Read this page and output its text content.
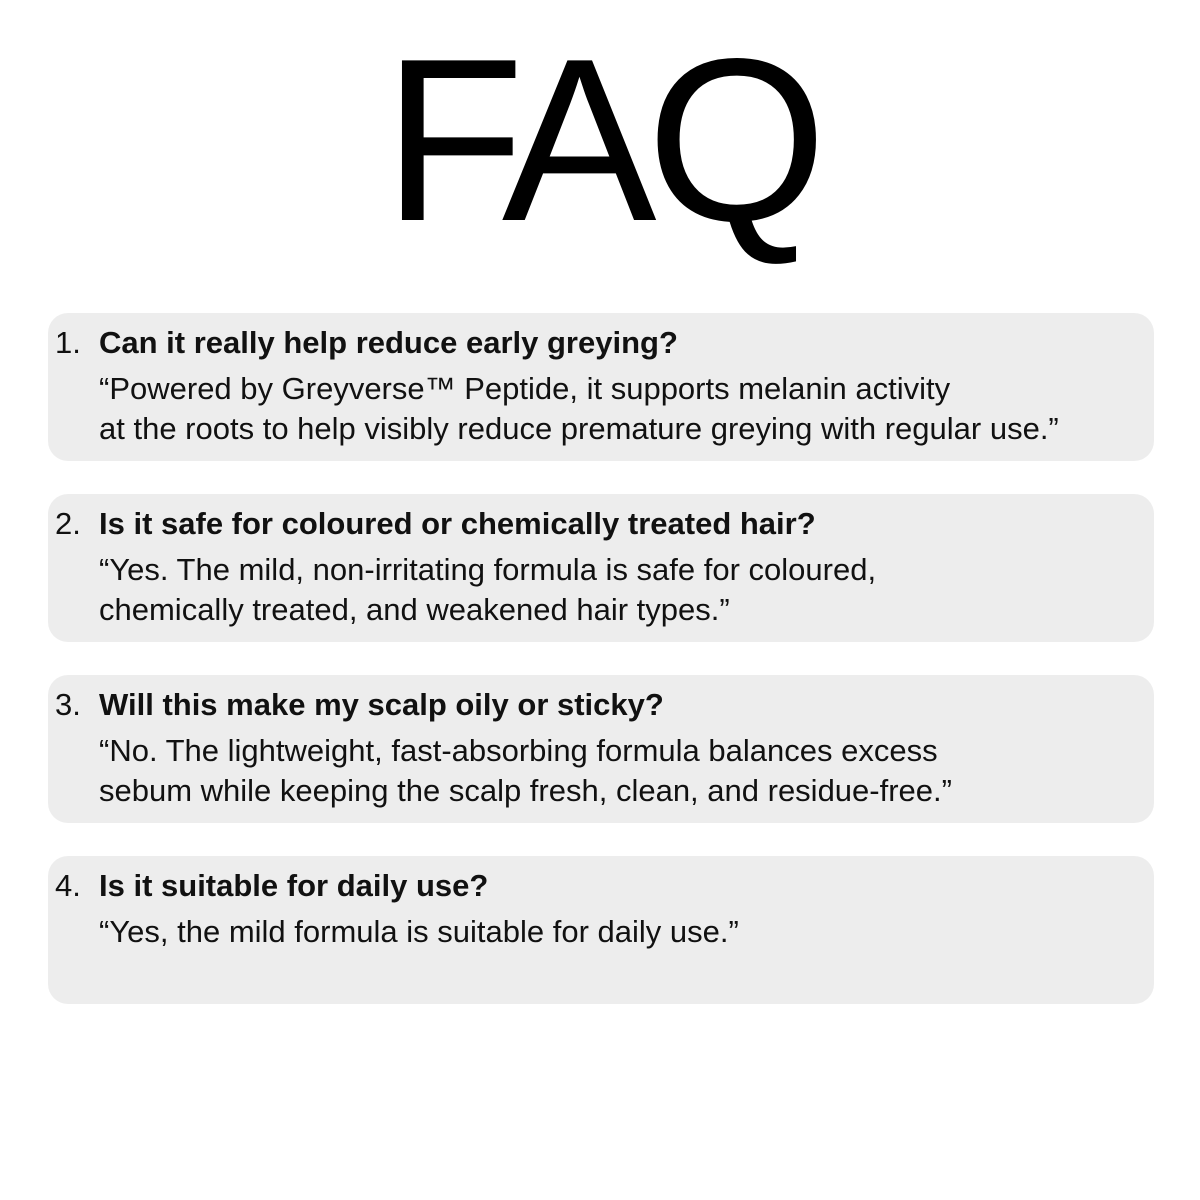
FAQ
1. Can it really help reduce early greying?

“Powered by Greyverse™ Peptide, it supports melanin activity
at the roots to help visibly reduce premature greying with regular use.”

2. Is it safe for coloured or chemically treated hair?

“Yes. The mild, non-irritating formula is safe for coloured,
chemically treated, and weakened hair types.”

3. Will this make my scalp oily or sticky?

“No. The lightweight, fast-absorbing formula balances excess
sebum while keeping the scalp fresh, clean, and residue-free.”

4. Is it suitable for daily use?

“Yes, the mild formula is suitable for daily use.”
